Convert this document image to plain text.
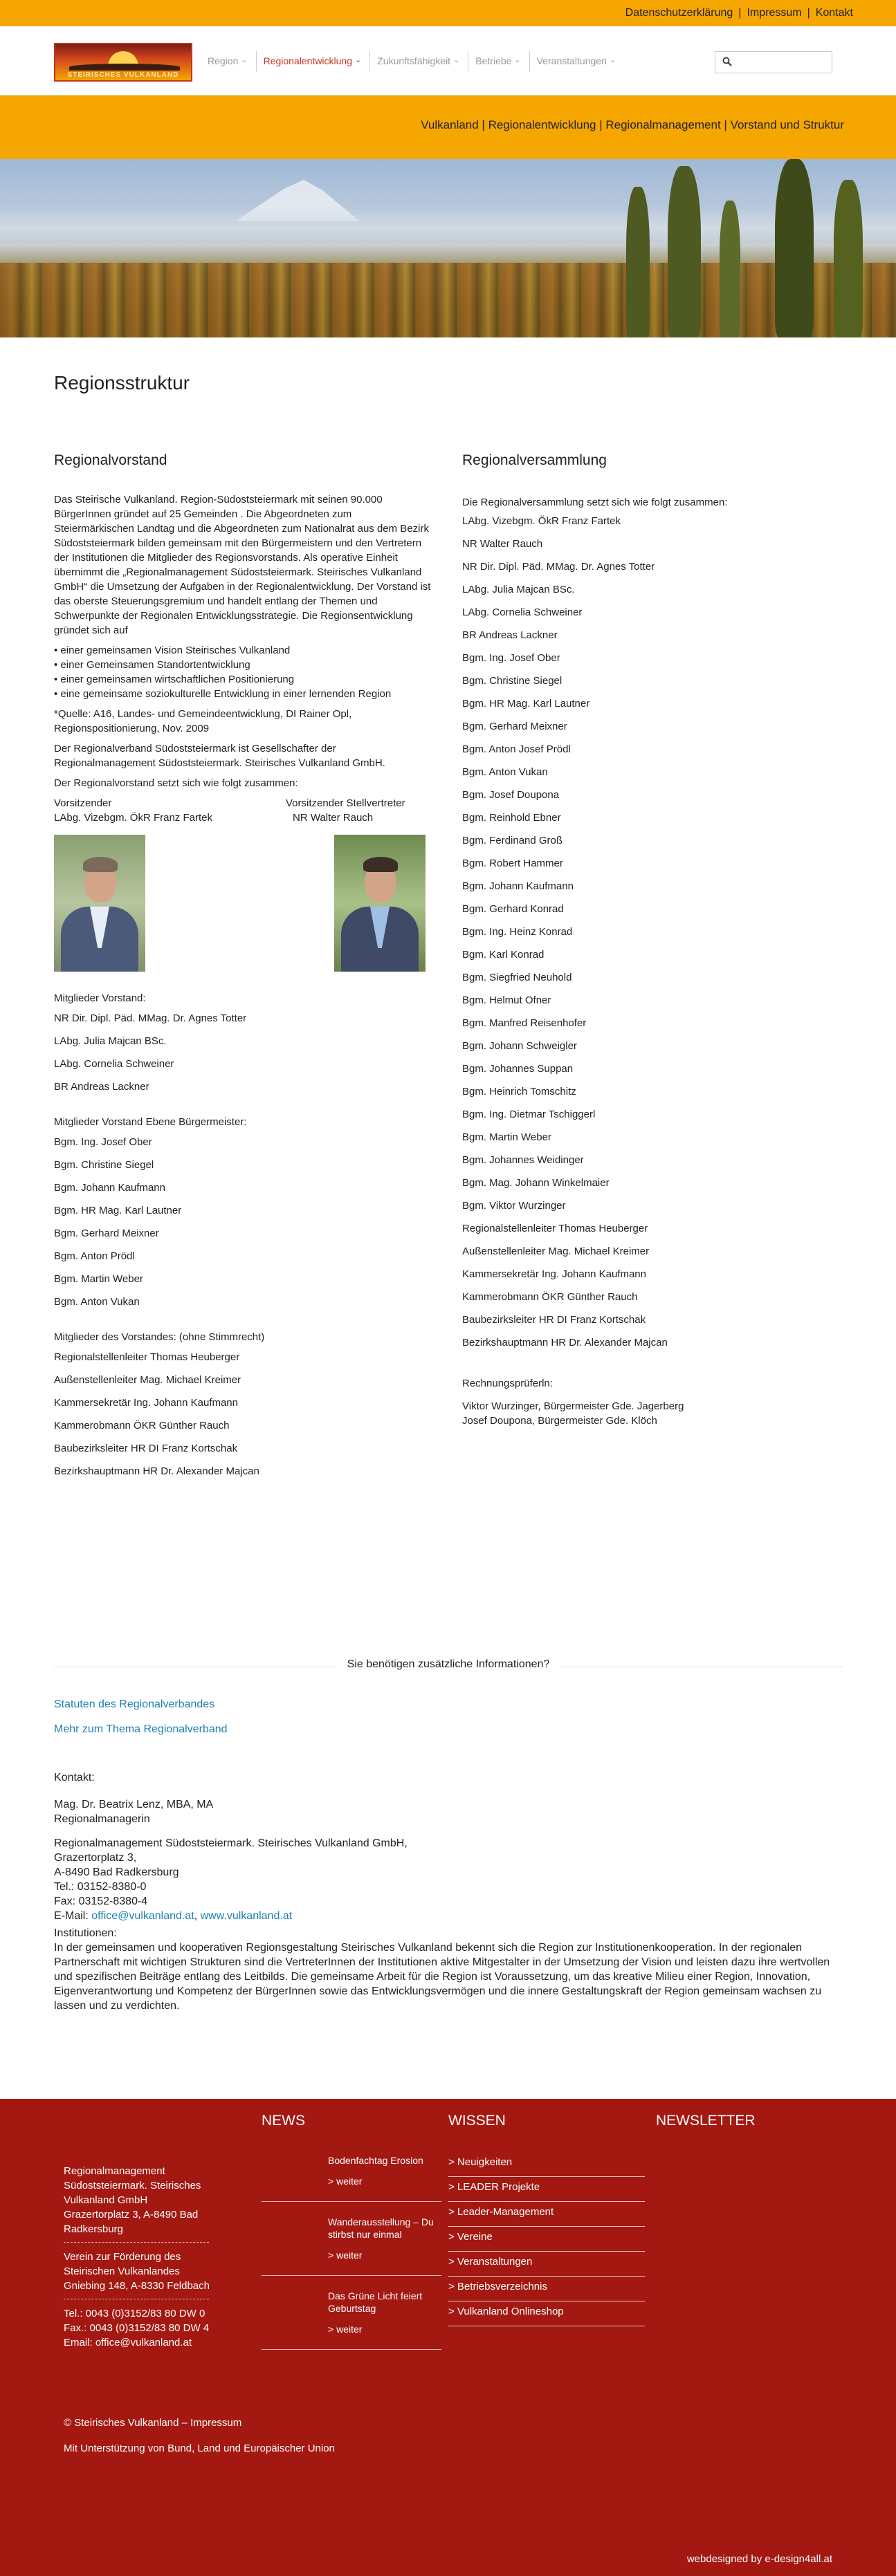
Datenschutzerklärung | Impressum | Kontakt
STEIRISCHES VULKANLAND
Region ⌄ Regionalentwicklung ⌄ Zukunftsfähigkeit ⌄ Betriebe ⌄ Veranstaltungen ⌄
Vulkanland | Regionalentwicklung | Regionalmanagement | Vorstand und Struktur
Regionsstruktur
Regionalvorstand
Das Steirische Vulkanland. Region-Südoststeiermark mit seinen 90.000 BürgerInnen gründet auf 25 Gemeinden . Die Abgeordneten zum Steiermärkischen Landtag und die Abgeordneten zum Nationalrat aus dem Bezirk Südoststeiermark bilden gemeinsam mit den Bürgermeistern und den Vertretern der Institutionen die Mitglieder des Regionsvorstands. Als operative Einheit übernimmt die „Regionalmanagement Südoststeiermark. Steirisches Vulkanland GmbH“ die Umsetzung der Aufgaben in der Regionalentwicklung. Der Vorstand ist das oberste Steuerungsgremium und handelt entlang der Themen und Schwerpunkte der Regionalen Entwicklungsstrategie. Die Regionsentwicklung gründet sich auf
• einer gemeinsamen Vision Steirisches Vulkanland
• einer Gemeinsamen Standortentwicklung
• einer gemeinsamen wirtschaftlichen Positionierung
• eine gemeinsame soziokulturelle Entwicklung in einer lernenden Region
*Quelle: A16, Landes- und Gemeindeentwicklung, DI Rainer Opl, Regionspositionierung, Nov. 2009
Der Regionalverband Südoststeiermark ist Gesellschafter der Regionalmanagement Südoststeiermark. Steirisches Vulkanland GmbH.
Der Regionalvorstand setzt sich wie folgt zusammen:
Vorsitzender	Vorsitzender Stellvertreter
LAbg. Vizebgm. ÖkR Franz Fartek	NR Walter Rauch
Mitglieder Vorstand:
NR Dir. Dipl. Päd. MMag. Dr. Agnes Totter
LAbg. Julia Majcan BSc.
LAbg. Cornelia Schweiner
BR Andreas Lackner
Mitglieder Vorstand Ebene Bürgermeister:
Bgm. Ing. Josef Ober
Bgm. Christine Siegel
Bgm. Johann Kaufmann
Bgm. HR Mag. Karl Lautner
Bgm. Gerhard Meixner
Bgm. Anton Prödl
Bgm. Martin Weber
Bgm. Anton Vukan
Mitglieder des Vorstandes: (ohne Stimmrecht)
Regionalstellenleiter Thomas Heuberger
Außenstellenleiter Mag. Michael Kreimer
Kammersekretär Ing. Johann Kaufmann
Kammerobmann ÖKR Günther Rauch
Baubezirksleiter HR DI Franz Kortschak
Bezirkshauptmann HR Dr. Alexander Majcan
Regionalversammlung
Die Regionalversammlung setzt sich wie folgt zusammen:
LAbg. Vizebgm. ÖkR Franz Fartek
NR Walter Rauch
NR Dir. Dipl. Päd. MMag. Dr. Agnes Totter
LAbg. Julia Majcan BSc.
LAbg. Cornelia Schweiner
BR Andreas Lackner
Bgm. Ing. Josef Ober
Bgm. Christine Siegel
Bgm. HR Mag. Karl Lautner
Bgm. Gerhard Meixner
Bgm. Anton Josef Prödl
Bgm. Anton Vukan
Bgm. Josef Doupona
Bgm. Reinhold Ebner
Bgm. Ferdinand Groß
Bgm. Robert Hammer
Bgm. Johann Kaufmann
Bgm. Gerhard Konrad
Bgm. Ing. Heinz Konrad
Bgm. Karl Konrad
Bgm. Siegfried Neuhold
Bgm. Helmut Ofner
Bgm. Manfred Reisenhofer
Bgm. Johann Schweigler
Bgm. Johannes Suppan
Bgm. Heinrich Tomschitz
Bgm. Ing. Dietmar Tschiggerl
Bgm. Martin Weber
Bgm. Johannes Weidinger
Bgm. Mag. Johann Winkelmaier
Bgm. Viktor Wurzinger
Regionalstellenleiter Thomas Heuberger
Außenstellenleiter Mag. Michael Kreimer
Kammersekretär Ing. Johann Kaufmann
Kammerobmann ÖKR Günther Rauch
Baubezirksleiter HR DI Franz Kortschak
Bezirkshauptmann HR Dr. Alexander Majcan
Rechnungsprüferln:
Viktor Wurzinger, Bürgermeister Gde. Jagerberg
Josef Doupona, Bürgermeister Gde. Klöch
Sie benötigen zusätzliche Informationen?
Statuten des Regionalverbandes
Mehr zum Thema Regionalverband
Kontakt:
Mag. Dr. Beatrix Lenz, MBA, MA
Regionalmanagerin
Regionalmanagement Südoststeiermark. Steirisches Vulkanland GmbH,
Grazertorplatz 3,
A-8490 Bad Radkersburg
Tel.: 03152-8380-0
Fax: 03152-8380-4
E-Mail: office@vulkanland.at, www.vulkanland.at
Institutionen:
In der gemeinsamen und kooperativen Regionsgestaltung Steirisches Vulkanland bekennt sich die Region zur Institutionenkooperation. In der regionalen Partnerschaft mit wichtigen Strukturen sind die VertreterInnen der Institutionen aktive Mitgestalter in der Umsetzung der Vision und leisten dazu ihre wertvollen und spezifischen Beiträge entlang des Leitbilds. Die gemeinsame Arbeit für die Region ist Voraussetzung, um das kreative Milieu einer Region, Innovation, Eigenverantwortung und Kompetenz der BürgerInnen sowie das Entwicklungsvermögen und die innere Gestaltungskraft der Region gemeinsam wachsen zu lassen und zu verdichten.
NEWS	WISSEN	NEWSLETTER
Regionalmanagement
Südoststeiermark. Steirisches
Vulkanland GmbH
Grazertorplatz 3, A-8490 Bad
Radkersburg
Verein zur Förderung des
Steirischen Vulkanlandes
Gniebing 148, A-8330 Feldbach
Tel.: 0043 (0)3152/83 80 DW 0
Fax.: 0043 (0)3152/83 80 DW 4
Email: office@vulkanland.at
Bodenfachtag Erosion
> weiter
Wanderausstellung – Du stirbst nur einmal
> weiter
Das Grüne Licht feiert Geburtstag
> weiter
> Neuigkeiten
> LEADER Projekte
> Leader-Management
> Vereine
> Veranstaltungen
> Betriebsverzeichnis
> Vulkanland Onlineshop
© Steirisches Vulkanland – Impressum
Mit Unterstützung von Bund, Land und Europäischer Union
webdesigned by e-design4all.at
